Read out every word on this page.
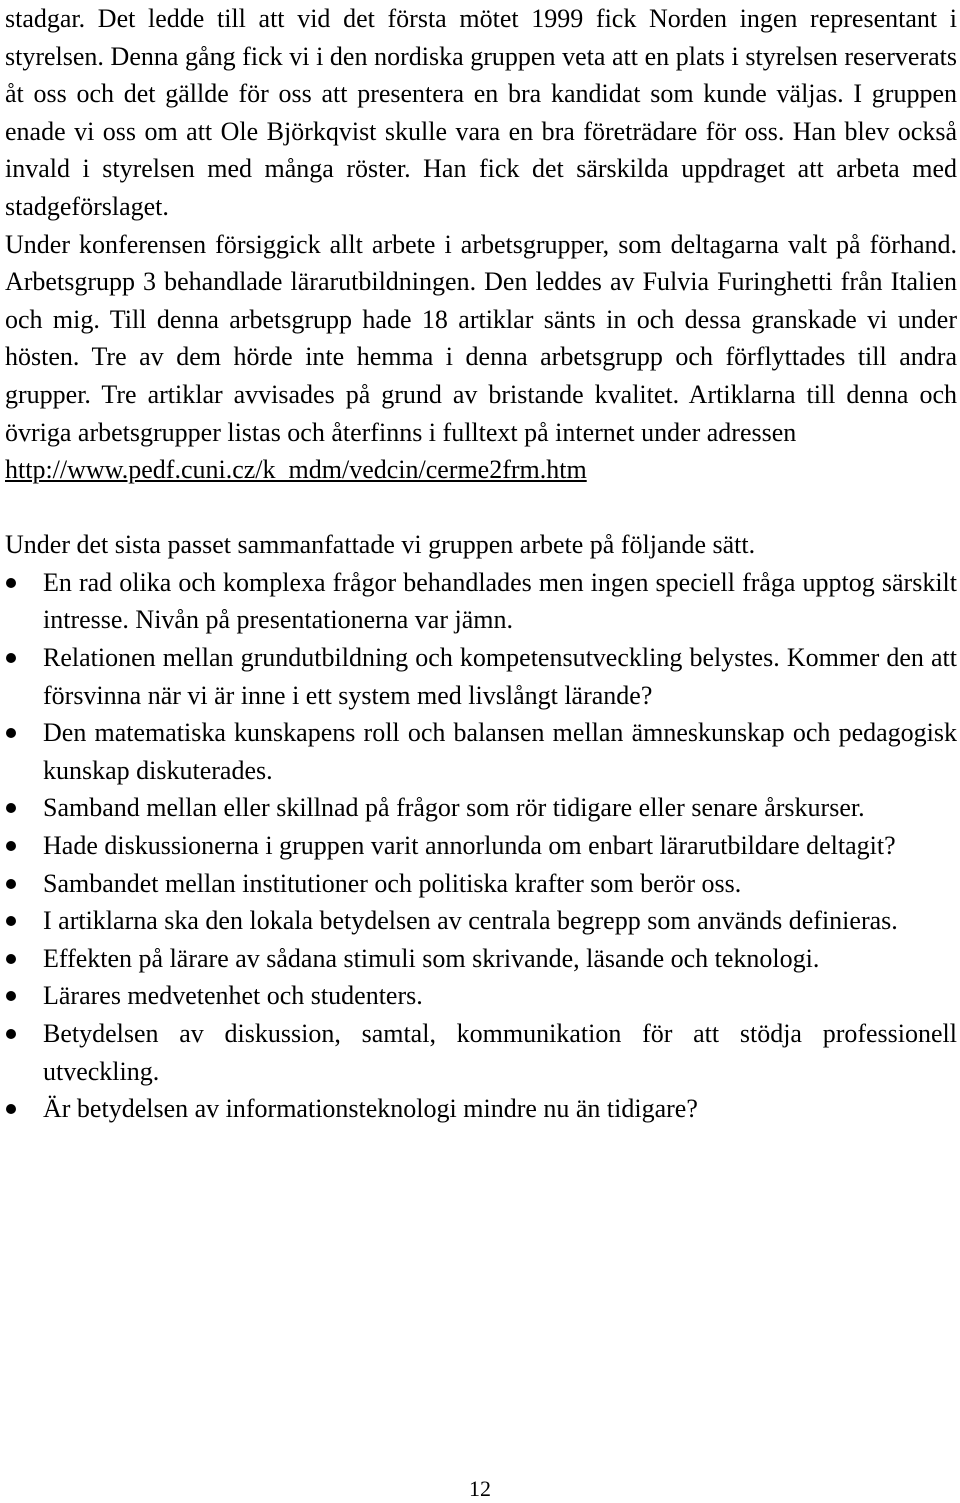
stadgar. Det ledde till att vid det första mötet 1999 fick Norden ingen representant i styrelsen. Denna gång fick vi i den nordiska gruppen veta att en plats i styrelsen reserverats åt oss och det gällde för oss att presentera en bra kandidat som kunde väljas. I gruppen enade vi oss om att Ole Björkqvist skulle vara en bra företrädare för oss. Han blev också invald i styrelsen med många röster. Han fick det särskilda uppdraget att arbeta med stadgeförslaget.

Under konferensen försiggick allt arbete i arbetsgrupper, som deltagarna valt på förhand. Arbetsgrupp 3 behandlade lärarutbildningen. Den leddes av Fulvia Furinghetti från Italien och mig. Till denna arbetsgrupp hade 18 artiklar sänts in och dessa granskade vi under hösten. Tre av dem hörde inte hemma i denna arbetsgrupp och förflyttades till andra grupper. Tre artiklar avvisades på grund av bristande kvalitet. Artiklarna till denna och övriga arbetsgrupper listas och återfinns i fulltext på internet under adressen
http://www.pedf.cuni.cz/k_mdm/vedcin/cerme2frm.htm

Under det sista passet sammanfattade vi gruppen arbete på följande sätt.

En rad olika och komplexa frågor behandlades men ingen speciell fråga upptog särskilt intresse. Nivån på presentationerna var jämn.
Relationen mellan grundutbildning och kompetensutveckling belystes. Kommer den att försvinna när vi är inne i ett system med livslångt lärande?
Den matematiska kunskapens roll och balansen mellan ämneskunskap och pedagogisk kunskap diskuterades.
Samband mellan eller skillnad på frågor som rör tidigare eller senare årskurser.
Hade diskussionerna i gruppen varit annorlunda om enbart lärarutbildare deltagit?
Sambandet mellan institutioner och politiska krafter som berör oss.
I artiklarna ska den lokala betydelsen av centrala begrepp som används definieras.
Effekten på lärare av sådana stimuli som skrivande, läsande och teknologi.
Lärares medvetenhet och studenters.
Betydelsen av diskussion, samtal, kommunikation för att stödja professionell utveckling.
Är betydelsen av informationsteknologi mindre nu än tidigare?
12
